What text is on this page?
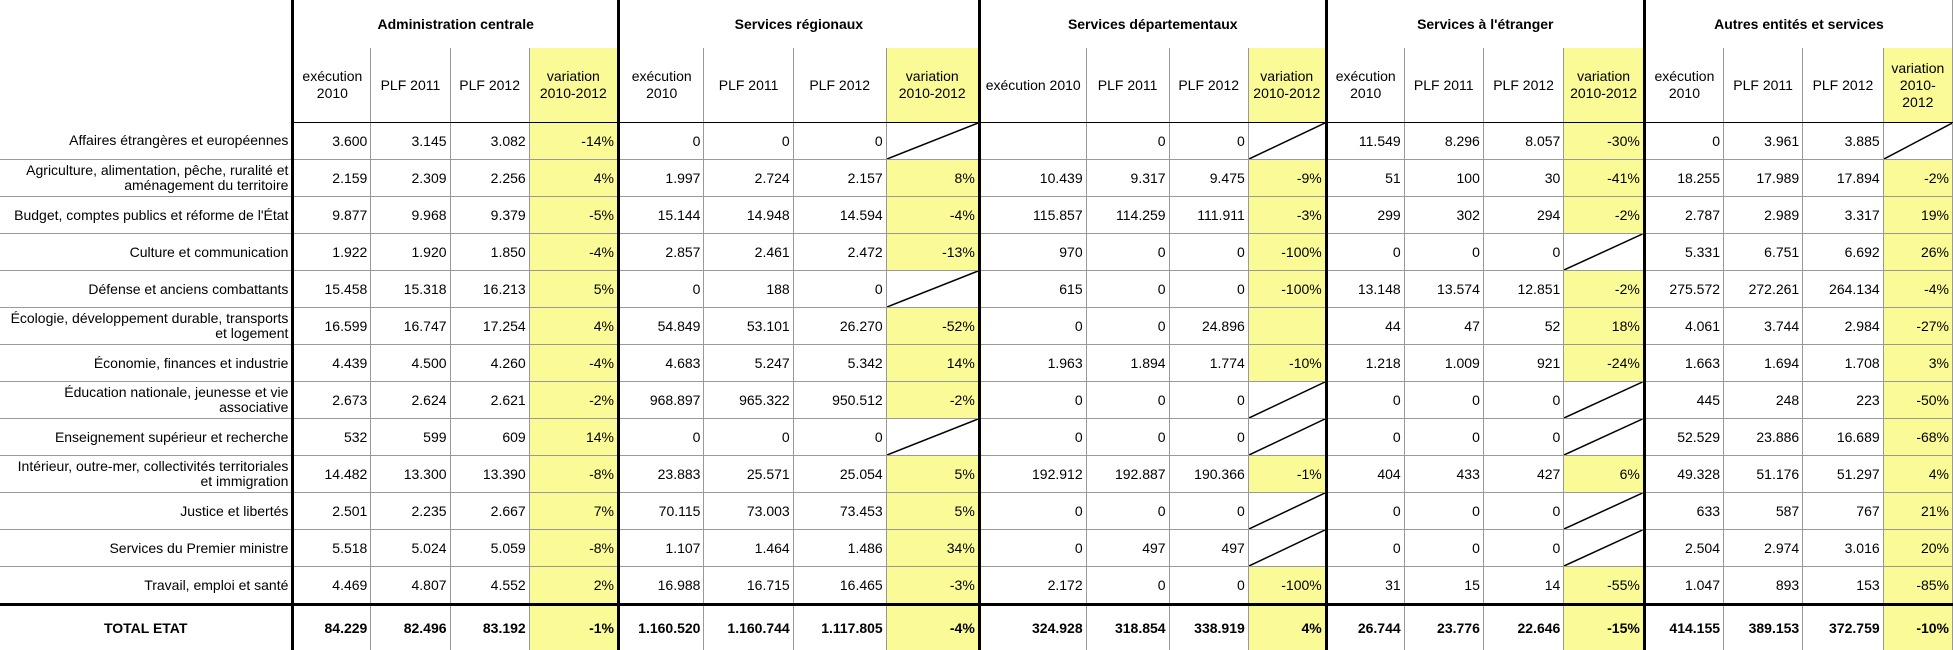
	Administration centrale				Services régionaux				Services départementaux				Services à l'étranger				Autres entités et services			
	exécution 2010	PLF 2011	PLF 2012	variation 2010-2012	exécution 2010	PLF 2011	PLF 2012	variation 2010-2012	exécution 2010	PLF 2011	PLF 2012	variation 2010-2012	exécution 2010	PLF 2011	PLF 2012	variation 2010-2012	exécution 2010	PLF 2011	PLF 2012	variation 2010-2012
Affaires étrangères et européennes	3.600	3.145	3.082	-14%	0	0	0			0	0		11.549	8.296	8.057	-30%	0	3.961	3.885	

Agriculture, alimentation, pêche, ruralité et aménagement du territoire	2.159	2.309	2.256	4%	1.997	2.724	2.157	8%	10.439	9.317	9.475	-9%	51	100	30	-41%	18.255	17.989	17.894	-2%
Budget, comptes publics et réforme de l'État	9.877	9.968	9.379	-5%	15.144	14.948	14.594	-4%	115.857	114.259	111.911	-3%	299	302	294	-2%	2.787	2.989	3.317	19%
Culture et communication	1.922	1.920	1.850	-4%	2.857	2.461	2.472	-13%	970	0	0	-100%	0	0	0		5.331	6.751	6.692	26%
Défense et anciens combattants	15.458	15.318	16.213	5%	0	188	0		615	0	0	-100%	13.148	13.574	12.851	-2%	275.572	272.261	264.134	-4%
Écologie, développement durable, transports et logement	16.599	16.747	17.254	4%	54.849	53.101	26.270	-52%	0	0	24.896		44	47	52	18%	4.061	3.744	2.984	-27%
Économie, finances et industrie	4.439	4.500	4.260	-4%	4.683	5.247	5.342	14%	1.963	1.894	1.774	-10%	1.218	1.009	921	-24%	1.663	1.694	1.708	3%
Éducation nationale, jeunesse et vie associative	2.673	2.624	2.621	-2%	968.897	965.322	950.512	-2%	0	0	0		0	0	0		445	248	223	-50%
Enseignement supérieur et recherche	532	599	609	14%	0	0	0		0	0	0		0	0	0		52.529	23.886	16.689	-68%
Intérieur, outre-mer, collectivités territoriales et immigration	14.482	13.300	13.390	-8%	23.883	25.571	25.054	5%	192.912	192.887	190.366	-1%	404	433	427	6%	49.328	51.176	51.297	4%
Justice et libertés	2.501	2.235	2.667	7%	70.115	73.003	73.453	5%	0	0	0		0	0	0		633	587	767	21%
Services du Premier ministre	5.518	5.024	5.059	-8%	1.107	1.464	1.486	34%	0	497	497		0	0	0		2.504	2.974	3.016	20%
Travail, emploi et santé	4.469	4.807	4.552	2%	16.988	16.715	16.465	-3%	2.172	0	0	-100%	31	15	14	-55%	1.047	893	153	-85%
TOTAL ETAT	84.229	82.496	83.192	-1%	1.160.520	1.160.744	1.117.805	-4%	324.928	318.854	338.919	4%	26.744	23.776	22.646	-15%	414.155	389.153	372.759	-10%
